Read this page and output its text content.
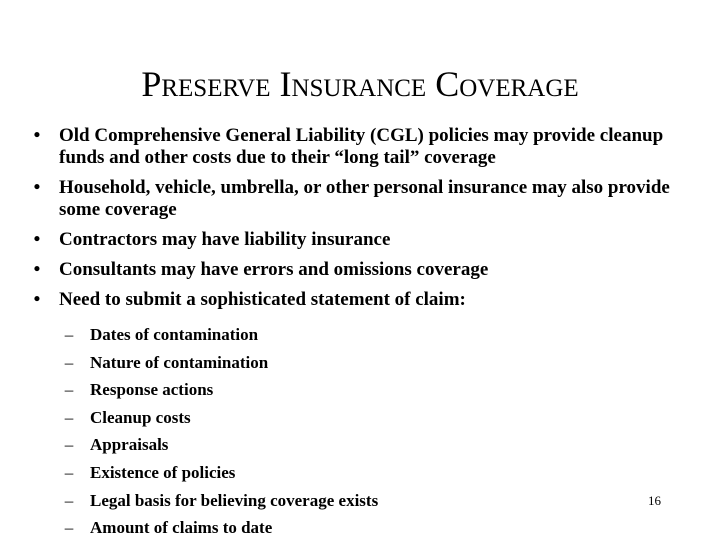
Preserve Insurance Coverage
• Old Comprehensive General Liability (CGL) policies may provide cleanup funds and other costs due to their “long tail” coverage
• Household, vehicle, umbrella, or other personal insurance may also provide some coverage
• Contractors may have liability insurance
• Consultants may have errors and omissions coverage
• Need to submit a sophisticated statement of claim:
– Dates of contamination
– Nature of contamination
– Response actions
– Cleanup costs
– Appraisals
– Existence of policies
– Legal basis for believing coverage exists
– Amount of claims to date
16
